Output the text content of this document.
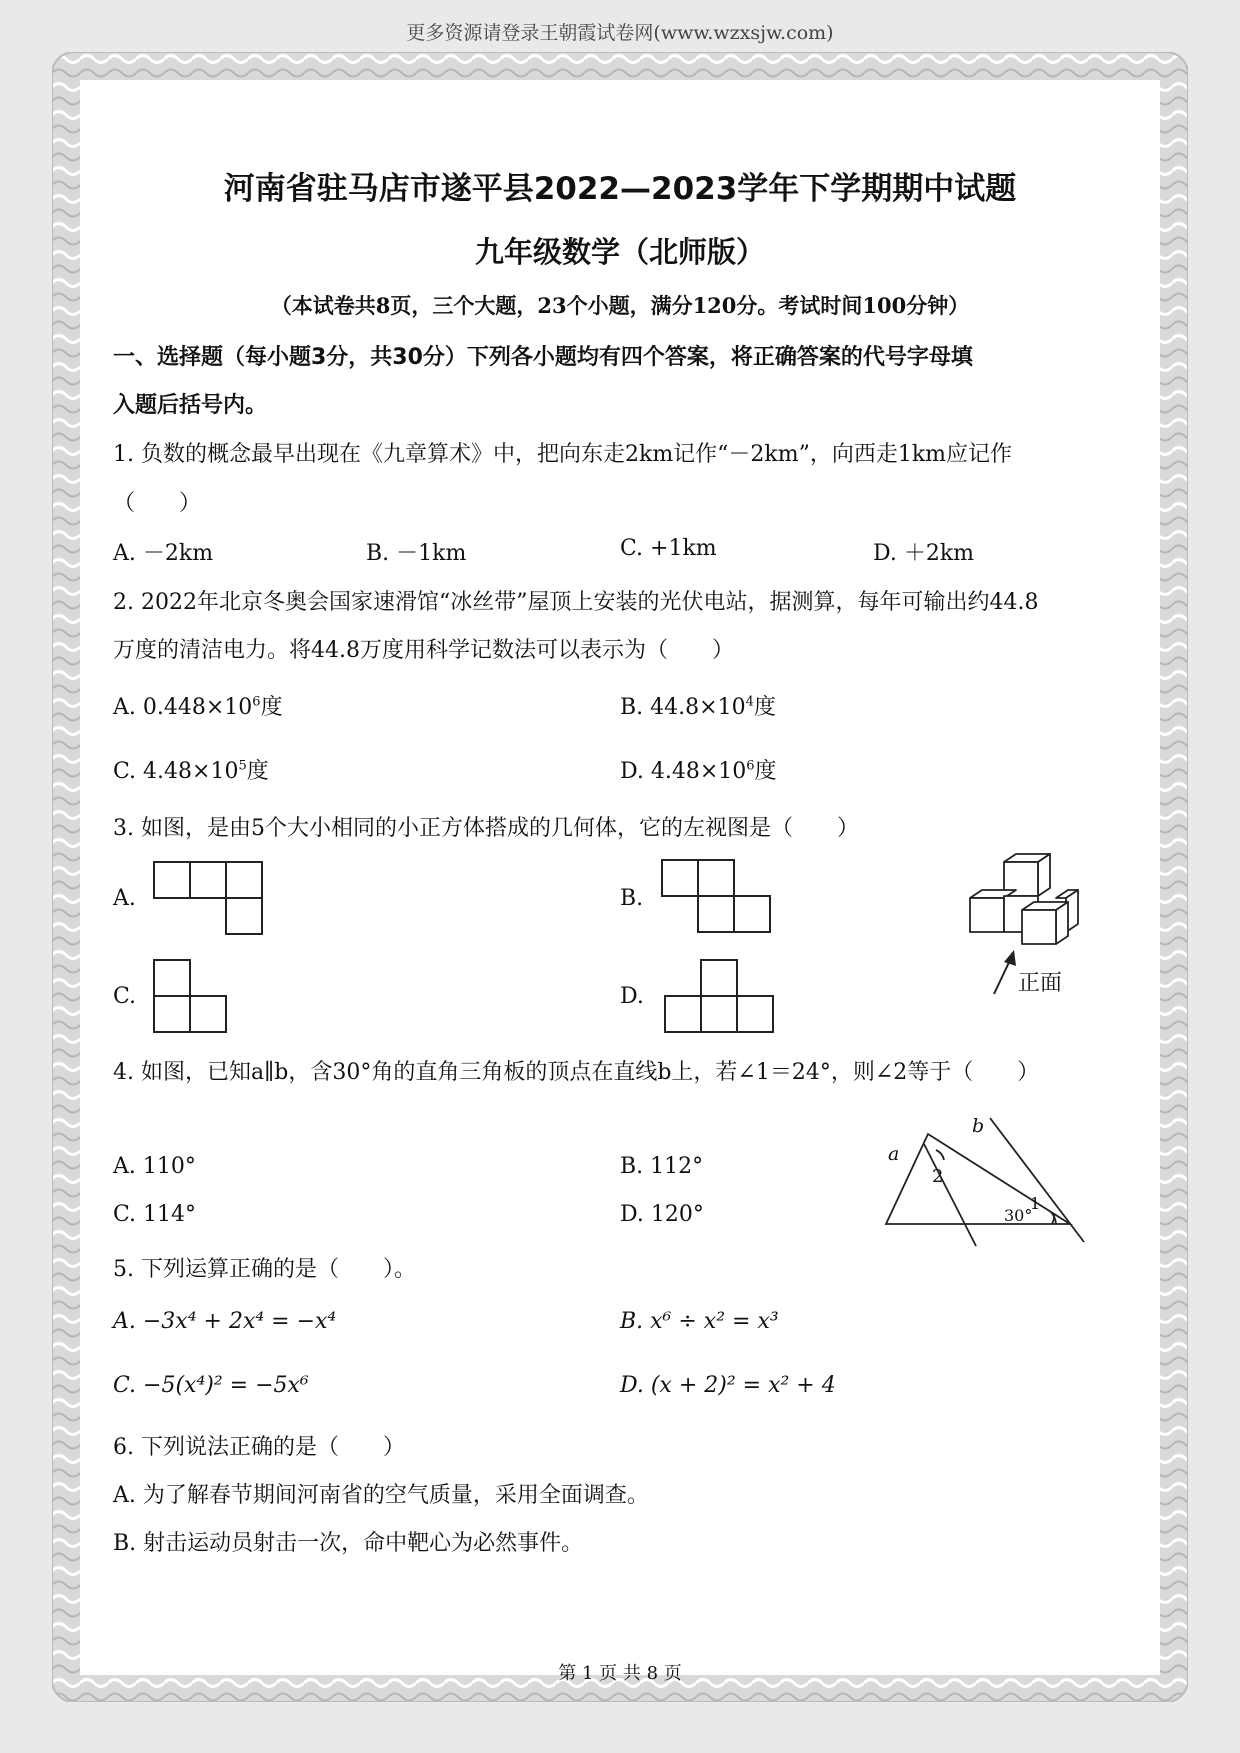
更多资源请登录王朝霞试卷网(www.wzxsjw.com)
河南省驻马店市遂平县2022—2023学年下学期期中试题
九年级数学（北师版）
（本试卷共8页，三个大题，23个小题，满分120分。考试时间100分钟）
一、选择题（每小题3分，共30分）下列各小题均有四个答案，将正确答案的代号字母填
入题后括号内。
1. 负数的概念最早出现在《九章算术》中，把向东走2km记作“－2km”，向西走1km应记作
（　　）
A. －2km	B. －1km	C. +1km	D. ＋2km
2. 2022年北京冬奥会国家速滑馆“冰丝带”屋顶上安装的光伏电站，据测算，每年可输出约44.8
万度的清洁电力。将44.8万度用科学记数法可以表示为（　　）
A. $0.448\times 10^6$度	B. $44.8\times 10^4$度
C. $4.48\times 10^5$度	D. $4.48\times 10^6$度
3. 如图，是由5个大小相同的小正方体搭成的几何体，它的左视图是（　　）
A.	B.
C.	D.
正面
4. 如图，已知a∥b，含30°角的直角三角板的顶点在直线b上，若∠1＝24°，则∠2等于（　　）
A. 110°	B. 112°
C. 114°	D. 120°
a
b
2
1
30°
5. 下列运算正确的是（　　）。
A. −3x⁴ + 2x⁴ = −x⁴	B. x⁶ ÷ x² = x³
C. −5(x⁴)² = −5x⁶	D. (x + 2)² = x² + 4
6. 下列说法正确的是（　　）
A. 为了解春节期间河南省的空气质量，采用全面调查。
B. 射击运动员射击一次，命中靶心为必然事件。
第 1 页 共 8 页
